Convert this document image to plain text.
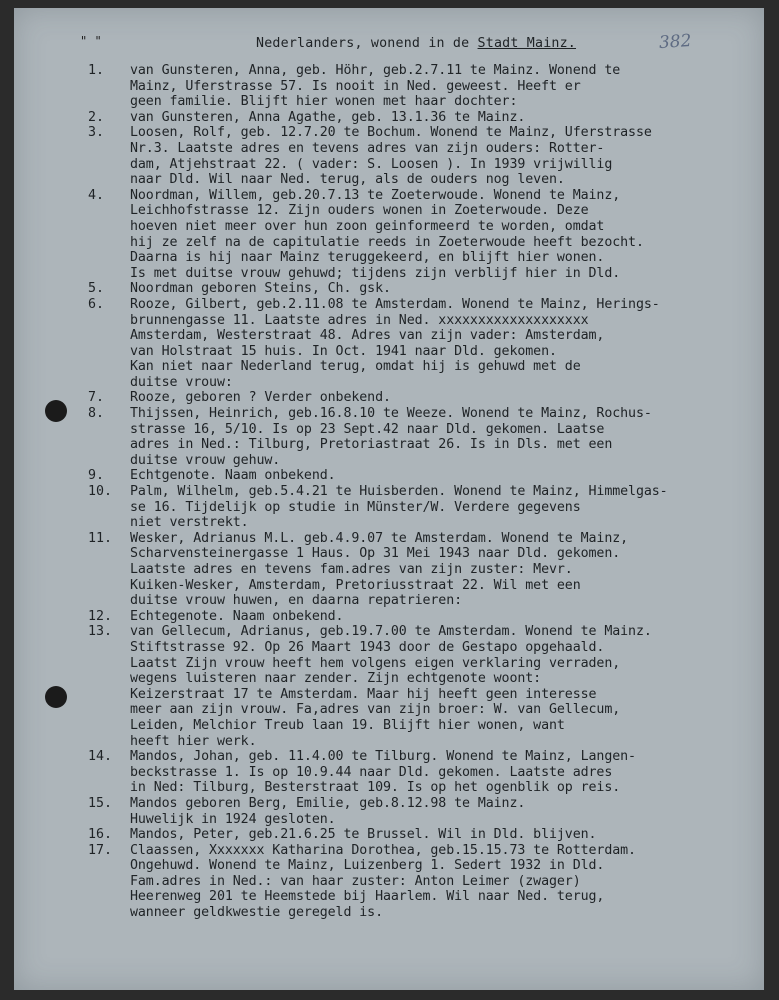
" "	Nederlanders, wonend in de Stadt Mainz.	382
1.	van Gunsteren, Anna, geb. Höhr, geb.2.7.11 te Mainz. Wonend te
Mainz, Uferstrasse 57. Is nooit in Ned. geweest. Heeft er
geen familie. Blijft hier wonen met haar dochter:
2.	van Gunsteren, Anna Agathe, geb. 13.1.36 te Mainz.
3.	Loosen, Rolf, geb. 12.7.20 te Bochum. Wonend te Mainz, Uferstrasse
Nr.3. Laatste adres en tevens adres van zijn ouders: Rotter-
dam, Atjehstraat 22. ( vader: S. Loosen ). In 1939 vrijwillig
naar Dld. Wil naar Ned. terug, als de ouders nog leven.
4.	Noordman, Willem, geb.20.7.13 te Zoeterwoude. Wonend te Mainz,
Leichhofstrasse 12. Zijn ouders wonen in Zoeterwoude. Deze
hoeven niet meer over hun zoon geinformeerd te worden, omdat
hij ze zelf na de capitulatie reeds in Zoeterwoude heeft bezocht.
Daarna is hij naar Mainz teruggekeerd, en blijft hier wonen.
Is met duitse vrouw gehuwd; tijdens zijn verblijf hier in Dld.
5.	Noordman geboren Steins, Ch. gsk.
6.	Rooze, Gilbert, geb.2.11.08 te Amsterdam. Wonend te Mainz, Herings-
brunnengasse 11. Laatste adres in Ned. xxxxxxxxxxxxxxxxxxx
Amsterdam, Westerstraat 48. Adres van zijn vader: Amsterdam,
van Holstraat 15 huis. In Oct. 1941 naar Dld. gekomen.
Kan niet naar Nederland terug, omdat hij is gehuwd met de
duitse vrouw:
7.	Rooze, geboren ? Verder onbekend.
8.	Thijssen, Heinrich, geb.16.8.10 te Weeze. Wonend te Mainz, Rochus-
strasse 16, 5/10. Is op 23 Sept.42 naar Dld. gekomen. Laatse
adres in Ned.: Tilburg, Pretoriastraat 26. Is in Dls. met een
duitse vrouw gehuw.
9.	Echtgenote. Naam onbekend.
10.	Palm, Wilhelm, geb.5.4.21 te Huisberden. Wonend te Mainz, Himmelgas-
se 16. Tijdelijk op studie in Münster/W. Verdere gegevens
niet verstrekt.
11.	Wesker, Adrianus M.L. geb.4.9.07 te Amsterdam. Wonend te Mainz,
Scharvensteinergasse 1 Haus. Op 31 Mei 1943 naar Dld. gekomen.
Laatste adres en tevens fam.adres van zijn zuster: Mevr.
Kuiken-Wesker, Amsterdam, Pretoriusstraat 22. Wil met een
duitse vrouw huwen, en daarna repatrieren:
12.	Echtegenote. Naam onbekend.
13.	van Gellecum, Adrianus, geb.19.7.00 te Amsterdam. Wonend te Mainz.
Stiftstrasse 92. Op 26 Maart 1943 door de Gestapo opgehaald.
Laatst Zijn vrouw heeft hem volgens eigen verklaring verraden,
wegens luisteren naar zender. Zijn echtgenote woont:
Keizerstraat 17 te Amsterdam. Maar hij heeft geen interesse
meer aan zijn vrouw. Fa,adres van zijn broer: W. van Gellecum,
Leiden, Melchior Treub laan 19. Blijft hier wonen, want
heeft hier werk.
14.	Mandos, Johan, geb. 11.4.00 te Tilburg. Wonend te Mainz, Langen-
beckstrasse 1. Is op 10.9.44 naar Dld. gekomen. Laatste adres
in Ned: Tilburg, Besterstraat 109. Is op het ogenblik op reis.
15.	Mandos geboren Berg, Emilie, geb.8.12.98 te Mainz.
Huwelijk in 1924 gesloten.
16.	Mandos, Peter, geb.21.6.25 te Brussel. Wil in Dld. blijven.
17.	Claassen, Xxxxxxx Katharina Dorothea, geb.15.15.73 te Rotterdam.
Ongehuwd. Wonend te Mainz, Luizenberg 1. Sedert 1932 in Dld.
Fam.adres in Ned.: van haar zuster: Anton Leimer (zwager)
Heerenweg 201 te Heemstede bij Haarlem. Wil naar Ned. terug,
wanneer geldkwestie geregeld is.
